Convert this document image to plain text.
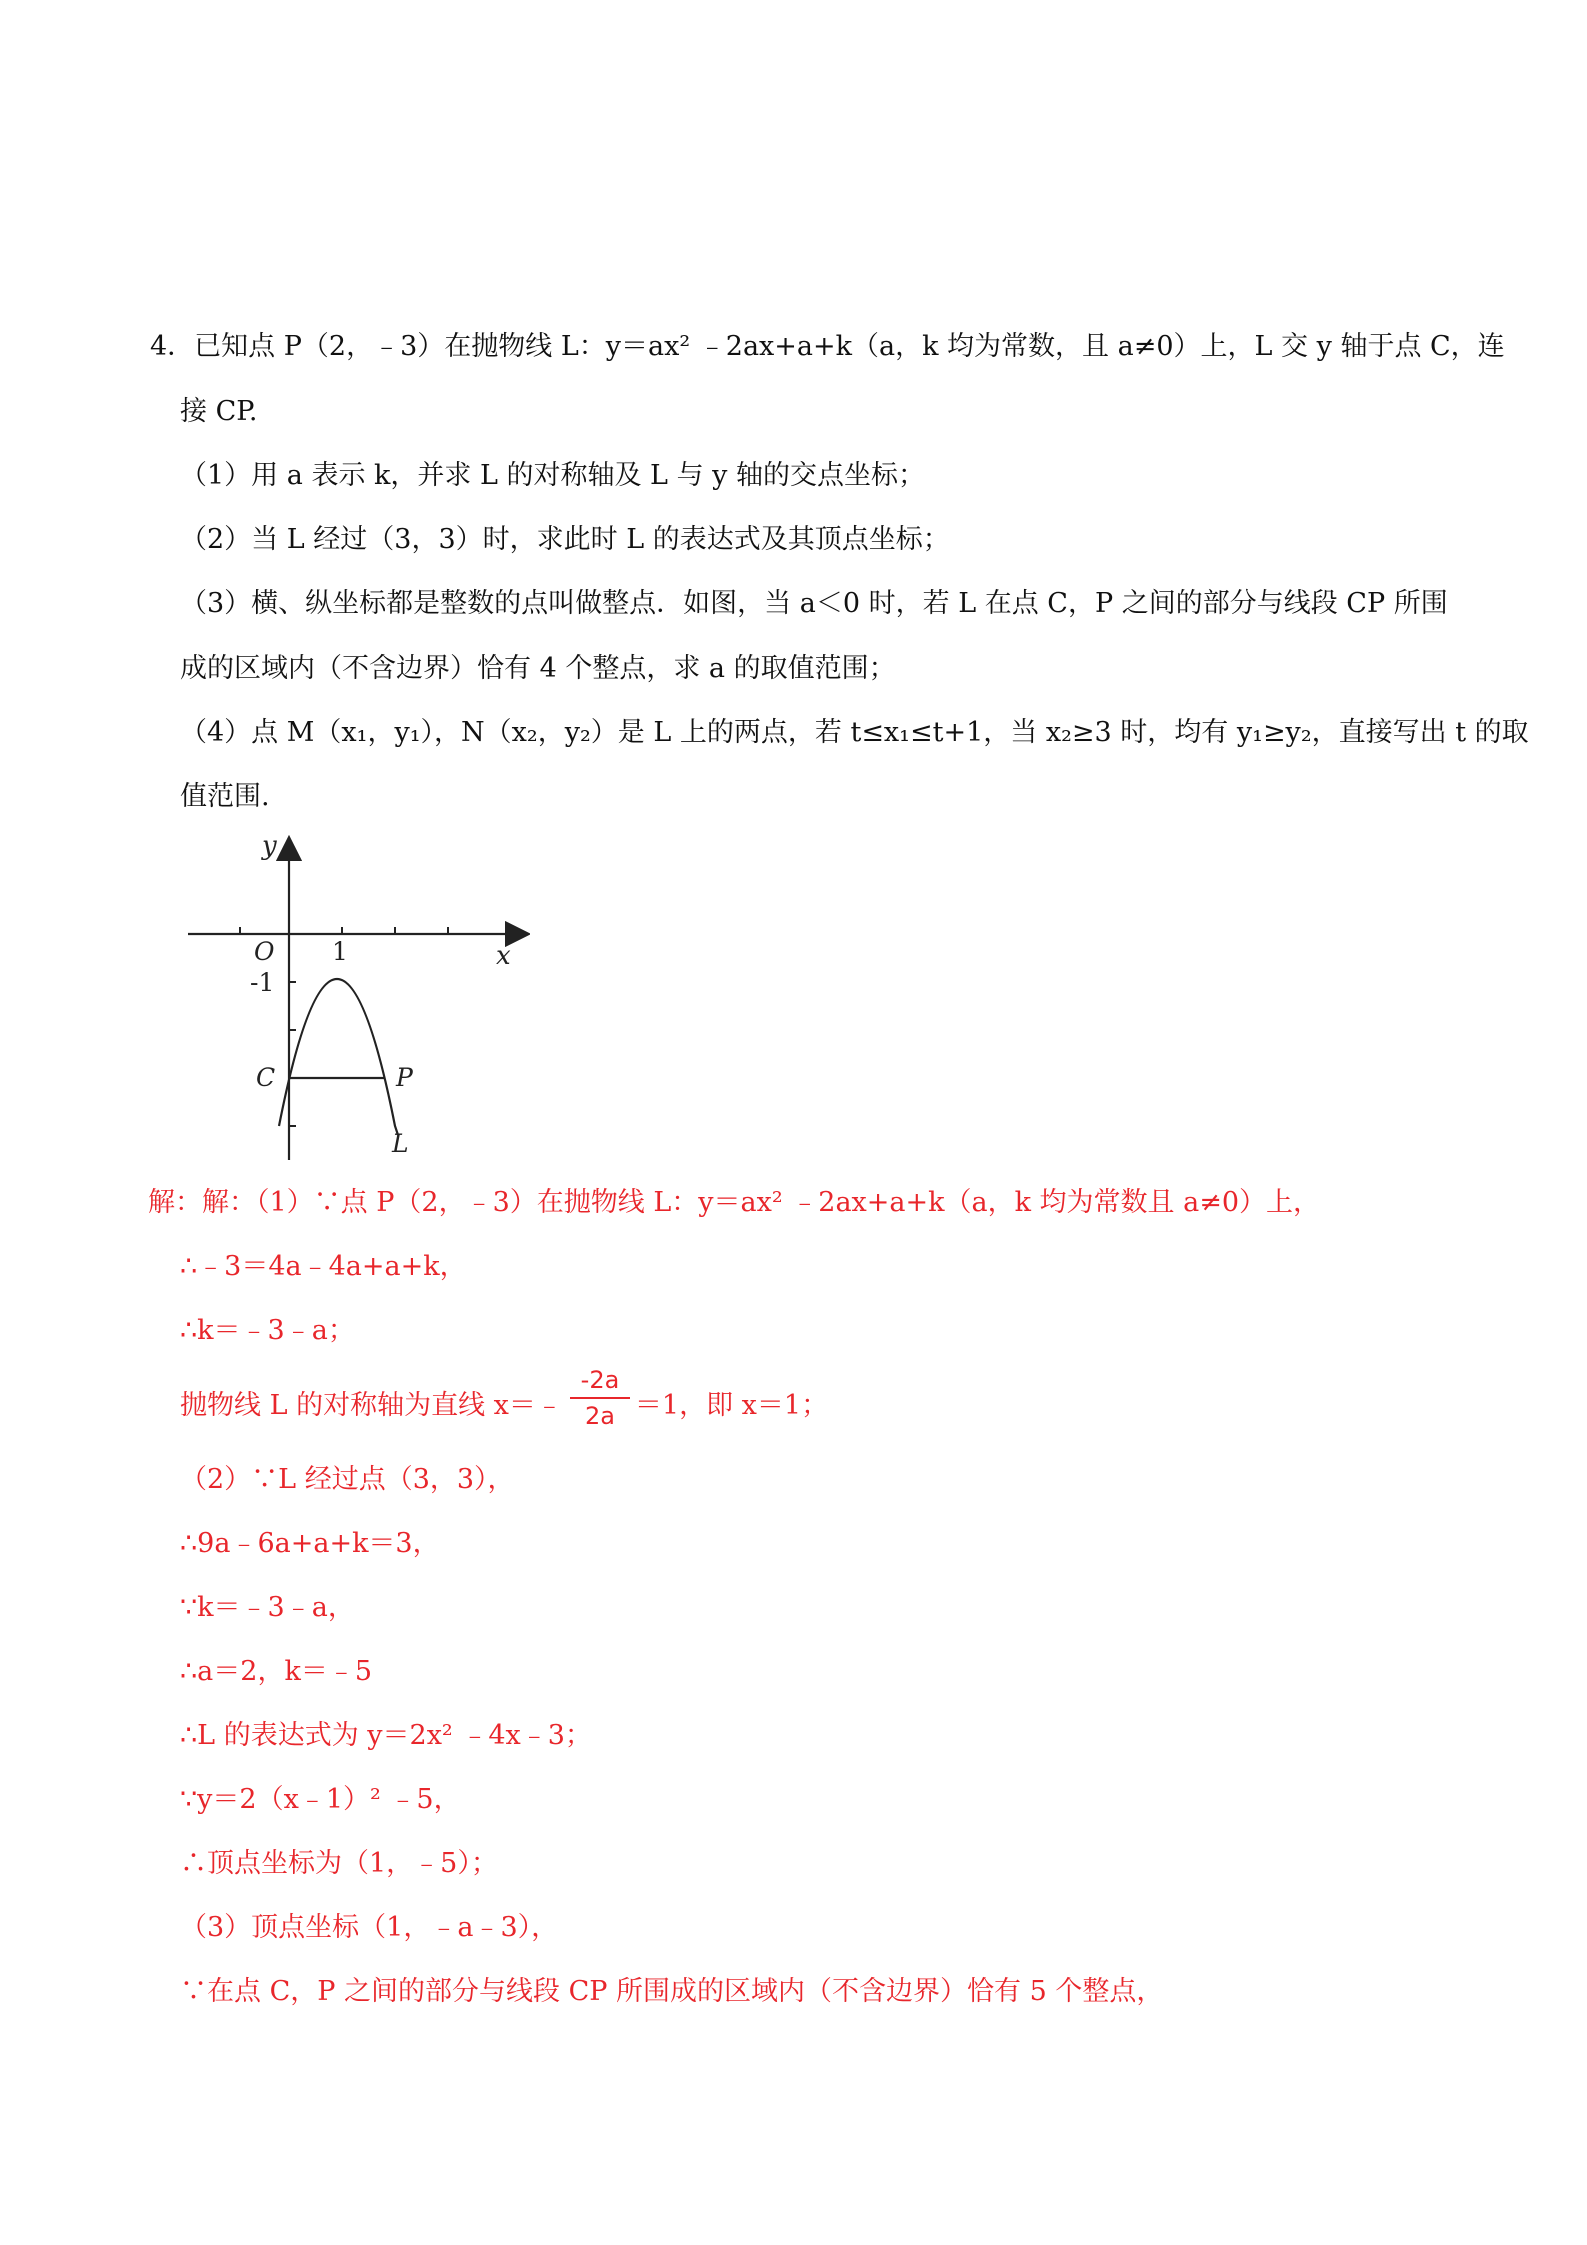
4．已知点 P（2，﹣3）在抛物线 L：y＝ax² ﹣2ax+a+k（a，k 均为常数，且 a≠0）上，L 交 y 轴于点 C，连
接 CP.
（1）用 a 表示 k，并求 L 的对称轴及 L 与 y 轴的交点坐标；
（2）当 L 经过（3，3）时，求此时 L 的表达式及其顶点坐标；
（3）横、纵坐标都是整数的点叫做整点．如图，当 a＜0 时，若 L 在点 C，P 之间的部分与线段 CP 所围
成的区域内（不含边界）恰有 4 个整点，求 a 的取值范围；
（4）点 M（x₁，y₁），N（x₂，y₂）是 L 上的两点，若 t≤x₁≤t+1，当 x₂≥3 时，均有 y₁≥y₂，直接写出 t 的取
值范围.
y
x
O 1
-1
C	P
L
解：解：（1）∵点 P（2，﹣3）在抛物线 L：y＝ax² ﹣2ax+a+k（a，k 均为常数且 a≠0）上，
∴﹣3＝4a﹣4a+a+k，
∴k＝﹣3﹣a；
抛物线 L 的对称轴为直线 x＝﹣	＝1，即 x＝1；
-2a
2a
（2）∵L 经过点（3，3），
∴9a﹣6a+a+k＝3，
∵k＝﹣3﹣a，
∴a＝2，k＝﹣5
∴L 的表达式为 y＝2x² ﹣4x﹣3；
∵y＝2（x﹣1）² ﹣5，
∴顶点坐标为（1，﹣5）；
（3）顶点坐标（1，﹣a﹣3），
∵在点 C，P 之间的部分与线段 CP 所围成的区域内（不含边界）恰有 5 个整点，
